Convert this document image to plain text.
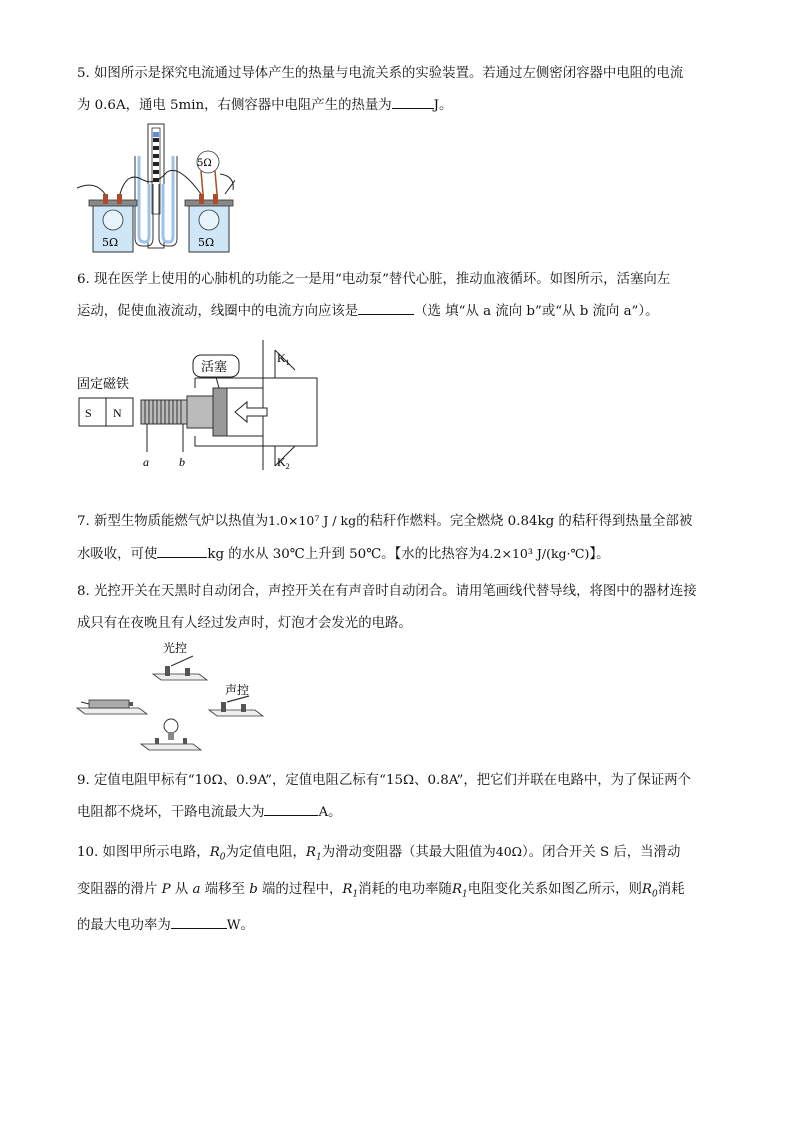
5. 如图所示是探究电流通过导体产生的热量与电流关系的实验装置。若通过左侧密闭容器中电阻的电流
为 0.6A，通电 5min，右侧容器中电阻产生的热量为	J。
5Ω	5Ω
5Ω
6. 现在医学上使用的心肺机的功能之一是用“电动泵”替代心脏，推动血液循环。如图所示，活塞向左
运动，促使血液流动，线圈中的电流方向应该是	（选 填“从 a 流向 b”或“从 b 流向 a”）。
固定磁铁
S N
a	b
活塞
$K_1$
$K_2$
7. 新型生物质能燃气炉以热值为1.0×10⁷ J / kg的秸秆作燃料。完全燃烧 0.84kg 的秸秆得到热量全部被
水吸收，可使	kg 的水从 30℃上升到 50℃。【水的比热容为4.2×10³ J/(kg·℃)】。
8. 光控开关在天黑时自动闭合，声控开关在有声音时自动闭合。请用笔画线代替导线，将图中的器材连接
成只有在夜晚且有人经过发声时，灯泡才会发光的电路。
光控
声控
9. 定值电阻甲标有“10Ω、0.9A”，定值电阻乙标有“15Ω、0.8A”，把它们并联在电路中，为了保证两个
电阻都不烧坏，干路电流最大为	A。
10. 如图甲所示电路，$R_0$为定值电阻，$R_1$为滑动变阻器（其最大阻值为40Ω）。闭合开关 S 后，当滑动
变阻器的滑片 P 从 a 端移至 b 端的过程中，$R_1$消耗的电功率随$R_1$电阻变化关系如图乙所示，则$R_0$消耗
的最大电功率为	W。
